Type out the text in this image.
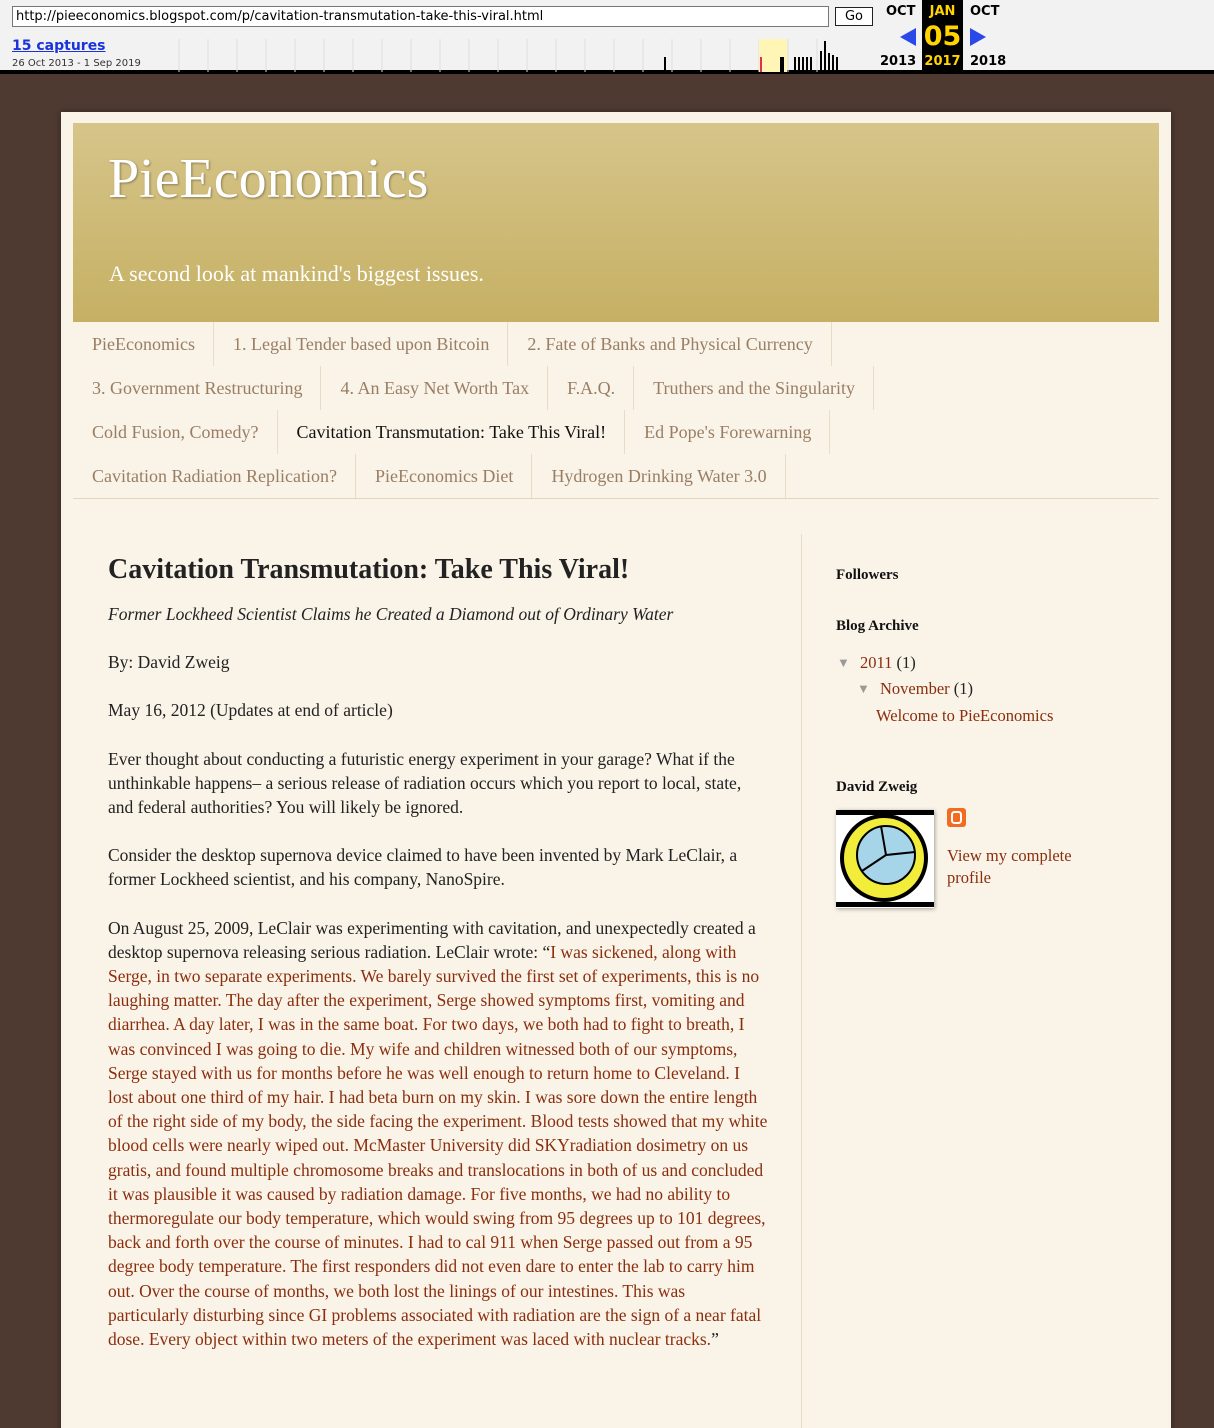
http://pieeconomics.blogspot.com/p/cavitation-transmutation-take-this-viral.html	Go
15 captures
26 Oct 2013 - 1 Sep 2019
OCT
2013
JAN
05
2017
OCT
2018
PieEconomics
A second look at mankind's biggest issues.
PieEconomics	1. Legal Tender based upon Bitcoin	2. Fate of Banks and Physical Currency
3. Government Restructuring	4. An Easy Net Worth Tax	F.A.Q.	Truthers and the Singularity
Cold Fusion, Comedy?	Cavitation Transmutation: Take This Viral!	Ed Pope's Forewarning
Cavitation Radiation Replication?	PieEconomics Diet	Hydrogen Drinking Water 3.0
Cavitation Transmutation: Take This Viral!

Former Lockheed Scientist Claims he Created a Diamond out of Ordinary Water

By: David Zweig

May 16, 2012 (Updates at end of article)

Ever thought about conducting a futuristic energy experiment in your garage? What if the unthinkable happens– a serious release of radiation occurs which you report to local, state, and federal authorities? You will likely be ignored.

Consider the desktop supernova device claimed to have been invented by Mark LeClair, a former Lockheed scientist, and his company, NanoSpire.

On August 25, 2009, LeClair was experimenting with cavitation, and unexpectedly created a desktop supernova releasing serious radiation. LeClair wrote: “I was sickened, along with Serge, in two separate experiments. We barely survived the first set of experiments, this is no laughing matter. The day after the experiment, Serge showed symptoms first, vomiting and diarrhea. A day later, I was in the same boat. For two days, we both had to fight to breath, I was convinced I was going to die. My wife and children witnessed both of our symptoms, Serge stayed with us for months before he was well enough to return home to Cleveland. I lost about one third of my hair. I had beta burn on my skin. I was sore down the entire length of the right side of my body, the side facing the experiment. Blood tests showed that my white blood cells were nearly wiped out. McMaster University did SKYradiation dosimetry on us gratis, and found multiple chromosome breaks and translocations in both of us and concluded it was plausible it was caused by radiation damage. For five months, we had no ability to thermoregulate our body temperature, which would swing from 95 degrees up to 101 degrees, back and forth over the course of minutes. I had to cal 911 when Serge passed out from a 95 degree body temperature. The first responders did not even dare to enter the lab to carry him out. Over the course of months, we both lost the linings of our intestines. This was particularly disturbing since GI problems associated with radiation are the sign of a near fatal dose. Every object within two meters of the experiment was laced with nuclear tracks.”

Followers
Blog Archive
▼ 2011 (1)
▼ November (1)
Welcome to PieEconomics
David Zweig
View my complete profile
